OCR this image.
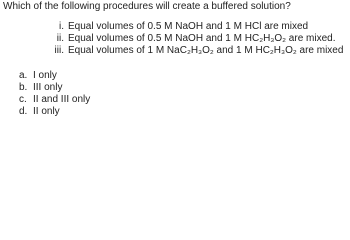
Which of the following procedures will create a buffered solution?
i. Equal volumes of 0.5 M NaOH and 1 M HCl are mixed
ii. Equal volumes of 0.5 M NaOH and 1 M HC₂H₃O₂ are mixed.
iii. Equal volumes of 1 M NaC₂H₃O₂ and 1 M HC₂H₃O₂ are mixed
a. I only
b. III only
c. II and III only
d. II only
